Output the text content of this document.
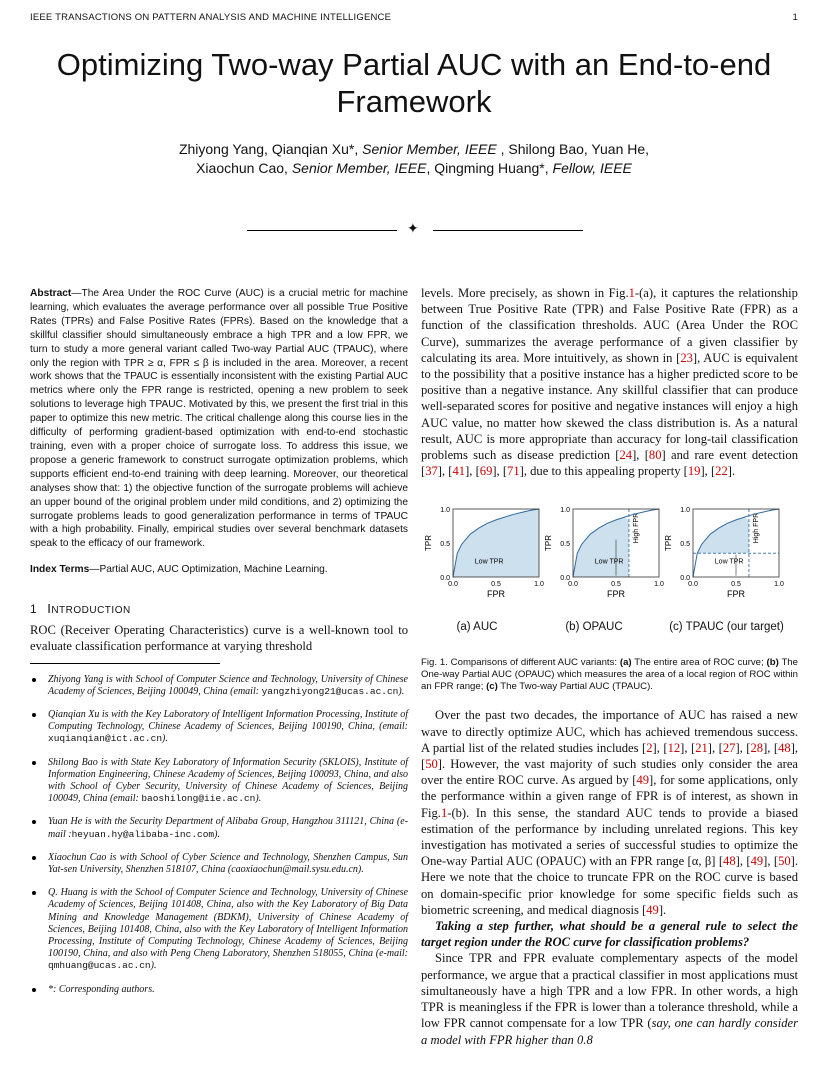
IEEE TRANSACTIONS ON PATTERN ANALYSIS AND MACHINE INTELLIGENCE	1
Optimizing Two-way Partial AUC with an End-to-end
Framework
Zhiyong Yang, Qianqian Xu*, Senior Member, IEEE , Shilong Bao, Yuan He,
Xiaochun Cao, Senior Member, IEEE, Qingming Huang*, Fellow, IEEE
✦
Abstract—The Area Under the ROC Curve (AUC) is a crucial metric for machine learning, which evaluates the average performance over all possible True Positive Rates (TPRs) and False Positive Rates (FPRs). Based on the knowledge that a skillful classifier should simultaneously embrace a high TPR and a low FPR, we turn to study a more general variant called Two-way Partial AUC (TPAUC), where only the region with TPR ≥ α, FPR ≤ β is included in the area. Moreover, a recent work shows that the TPAUC is essentially inconsistent with the existing Partial AUC metrics where only the FPR range is restricted, opening a new problem to seek solutions to leverage high TPAUC. Motivated by this, we present the first trial in this paper to optimize this new metric. The critical challenge along this course lies in the difficulty of performing gradient-based optimization with end-to-end stochastic training, even with a proper choice of surrogate loss. To address this issue, we propose a generic framework to construct surrogate optimization problems, which supports efficient end-to-end training with deep learning. Moreover, our theoretical analyses show that: 1) the objective function of the surrogate problems will achieve an upper bound of the original problem under mild conditions, and 2) optimizing the surrogate problems leads to good generalization performance in terms of TPAUC with a high probability. Finally, empirical studies over several benchmark datasets speak to the efficacy of our framework.
Index Terms—Partial AUC, AUC Optimization, Machine Learning.
1 INTRODUCTION
ROC (Receiver Operating Characteristics) curve is a well-known tool to evaluate classification performance at varying threshold
Zhiyong Yang is with School of Computer Science and Technology, University of Chinese Academy of Sciences, Beijing 100049, China (email: yangzhiyong21@ucas.ac.cn).
Qianqian Xu is with the Key Laboratory of Intelligent Information Processing, Institute of Computing Technology, Chinese Academy of Sciences, Beijing 100190, China, (email: xuqianqian@ict.ac.cn).
Shilong Bao is with State Key Laboratory of Information Security (SKLOIS), Institute of Information Engineering, Chinese Academy of Sciences, Beijing 100093, China, and also with School of Cyber Security, University of Chinese Academy of Sciences, Beijing 100049, China (email: baoshilong@iie.ac.cn).
Yuan He is with the Security Department of Alibaba Group, Hangzhou 311121, China (e-mail :heyuan.hy@alibaba-inc.com).
Xiaochun Cao is with School of Cyber Science and Technology, Shenzhen Campus, Sun Yat-sen University, Shenzhen 518107, China (caoxiaochun@mail.sysu.edu.cn).
Q. Huang is with the School of Computer Science and Technology, University of Chinese Academy of Sciences, Beijing 101408, China, also with the Key Laboratory of Big Data Mining and Knowledge Management (BDKM), University of Chinese Academy of Sciences, Beijing 101408, China, also with the Key Laboratory of Intelligent Information Processing, Institute of Computing Technology, Chinese Academy of Sciences, Beijing 100190, China, and also with Peng Cheng Laboratory, Shenzhen 518055, China (e-mail: qmhuang@ucas.ac.cn).
*: Corresponding authors.

levels. More precisely, as shown in Fig.1-(a), it captures the relationship between True Positive Rate (TPR) and False Positive Rate (FPR) as a function of the classification thresholds. AUC (Area Under the ROC Curve), summarizes the average performance of a given classifier by calculating its area. More intuitively, as shown in [23], AUC is equivalent to the possibility that a positive instance has a higher predicted score to be positive than a negative instance. Any skillful classifier that can produce well-separated scores for positive and negative instances will enjoy a high AUC value, no matter how skewed the class distribution is. As a natural result, AUC is more appropriate than accuracy for long-tail classification problems such as disease prediction [24], [80] and rare event detection [37], [41], [69], [71], due to this appealing property [19], [22].

Low TPR
1.0
0.5
0.0
0.0	0.5	1.0
TPR
FPR
High FPR
Low TPR
1.0
0.5
0.0
0.0	0.5	1.0
TPR
FPR
High FPR
Low TPR
1.0
0.5
0.0
0.0	0.5	1.0
TPR
FPR
(a) AUC	(b) OPAUC	(c) TPAUC (our target)
Fig. 1. Comparisons of different AUC variants: (a) The entire area of ROC curve; (b) The One-way Partial AUC (OPAUC) which measures the area of a local region of ROC within an FPR range; (c) The Two-way Partial AUC (TPAUC).

Over the past two decades, the importance of AUC has raised a new wave to directly optimize AUC, which has achieved tremendous success. A partial list of the related studies includes [2], [12], [21], [27], [28], [48], [50]. However, the vast majority of such studies only consider the area over the entire ROC curve. As argued by [49], for some applications, only the performance within a given range of FPR is of interest, as shown in Fig.1-(b). In this sense, the standard AUC tends to provide a biased estimation of the performance by including unrelated regions. This key investigation has motivated a series of successful studies to optimize the One-way Partial AUC (OPAUC) with an FPR range [α, β] [48], [49], [50]. Here we note that the choice to truncate FPR on the ROC curve is based on domain-specific prior knowledge for some specific fields such as biometric screening, and medical diagnosis [49].

Taking a step further, what should be a general rule to select the target region under the ROC curve for classification problems?

Since TPR and FPR evaluate complementary aspects of the model performance, we argue that a practical classifier in most applications must simultaneously have a high TPR and a low FPR. In other words, a high TPR is meaningless if the FPR is lower than a tolerance threshold, while a low FPR cannot compensate for a low TPR (say, one can hardly consider a model with FPR higher than 0.8
